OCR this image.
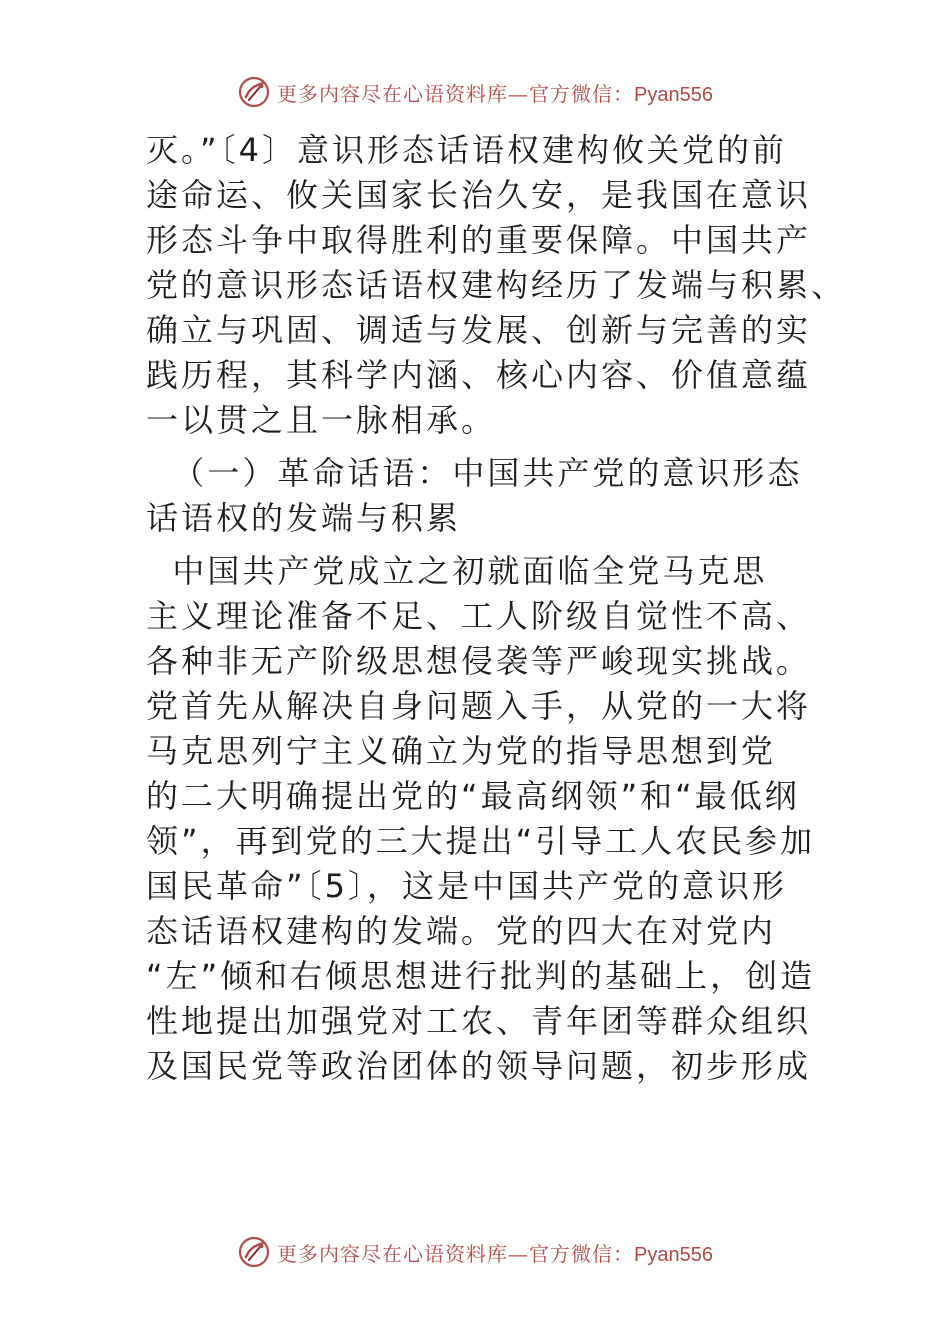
更多内容尽在心语资料库—官方微信：Pyan556
灭。”〔4〕意识形态话语权建构攸关党的前
途命运、攸关国家长治久安，是我国在意识
形态斗争中取得胜利的重要保障。中国共产
党的意识形态话语权建构经历了发端与积累、
确立与巩固、调适与发展、创新与完善的实
践历程，其科学内涵、核心内容、价值意蕴
一以贯之且一脉相承。
（一）革命话语：中国共产党的意识形态
话语权的发端与积累
中国共产党成立之初就面临全党马克思
主义理论准备不足、工人阶级自觉性不高、
各种非无产阶级思想侵袭等严峻现实挑战。
党首先从解决自身问题入手，从党的一大将
马克思列宁主义确立为党的指导思想到党
的二大明确提出党的“最高纲领”和“最低纲
领”，再到党的三大提出“引导工人农民参加
国民革命”〔5〕，这是中国共产党的意识形
态话语权建构的发端。党的四大在对党内
“左”倾和右倾思想进行批判的基础上，创造
性地提出加强党对工农、青年团等群众组织
及国民党等政治团体的领导问题，初步形成
更多内容尽在心语资料库—官方微信：Pyan556
